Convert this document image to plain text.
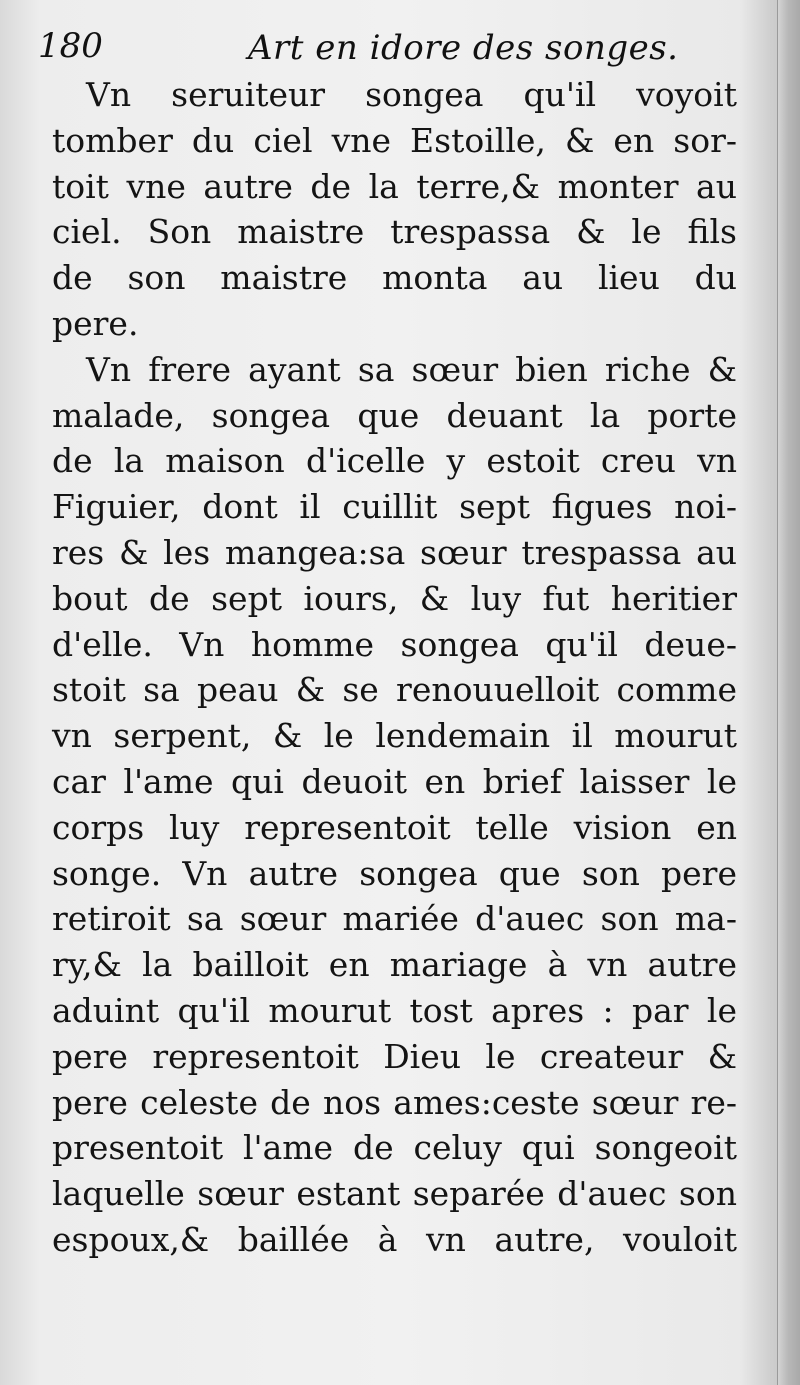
180	Art en idore des songes.
Vn seruiteur songea qu'il voyoit
tomber du ciel vne Estoille, & en sor-
toit vne autre de la terre,& monter au
ciel. Son maistre trespassa & le fils
de son maistre monta au lieu du
pere.
Vn frere ayant sa sœur bien riche &
malade, songea que deuant la porte
de la maison d'icelle y estoit creu vn
Figuier, dont il cuillit sept figues noi-
res & les mangea:sa sœur trespassa au
bout de sept iours, & luy fut heritier
d'elle. Vn homme songea qu'il deue-
stoit sa peau & se renouuelloit comme
vn serpent, & le lendemain il mourut
car l'ame qui deuoit en brief laisser le
corps luy representoit telle vision en
songe. Vn autre songea que son pere
retiroit sa sœur mariée d'auec son ma-
ry,& la bailloit en mariage à vn autre
aduint qu'il mourut tost apres : par le
pere representoit Dieu le createur &
pere celeste de nos ames:ceste sœur re-
presentoit l'ame de celuy qui songeoit
laquelle sœur estant separée d'auec son
espoux,& baillée à vn autre, vouloit
